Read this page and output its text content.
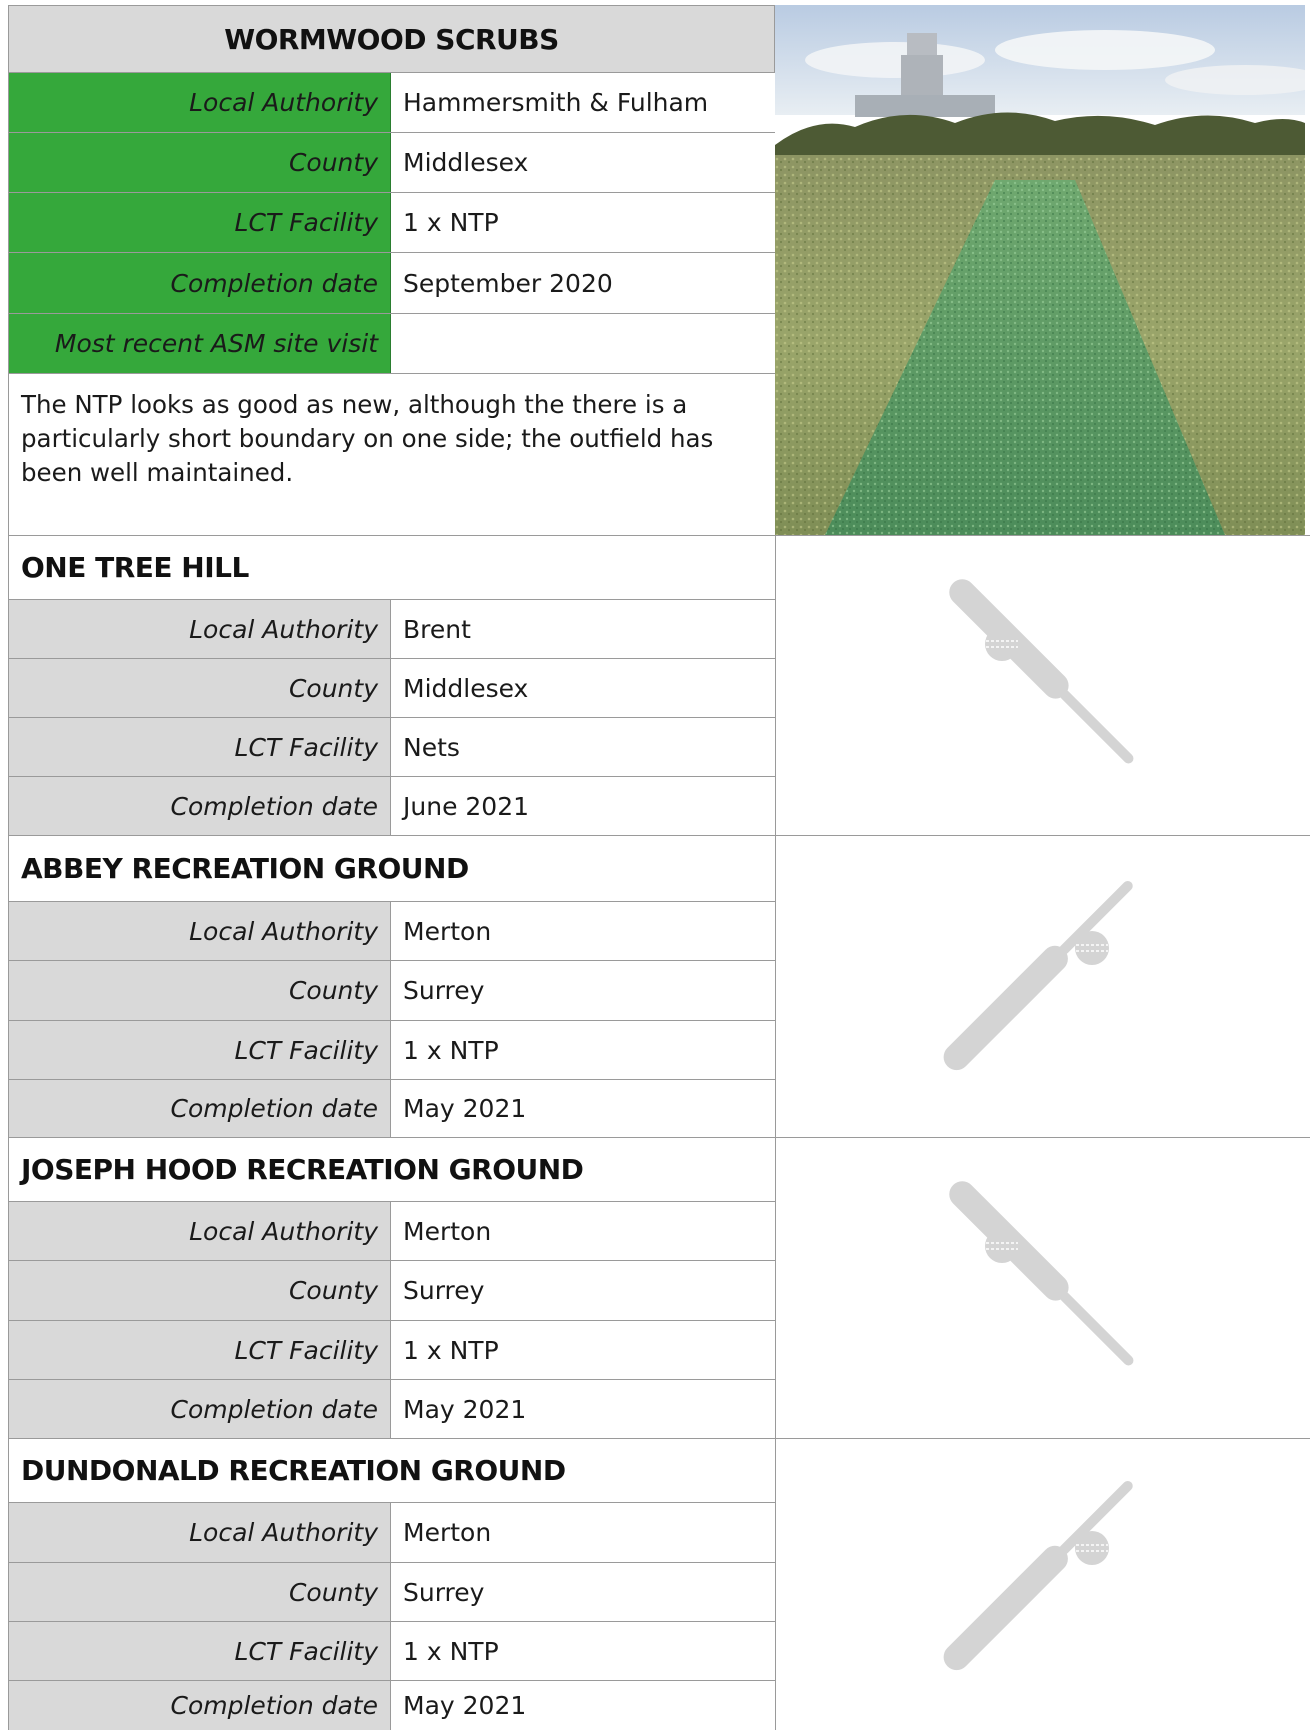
WORMWOOD SCRUBS
Local Authority	Hammersmith & Fulham
County	Middlesex
LCT Facility	1 x NTP
Completion date	September 2020
Most recent ASM site visit
The NTP looks as good as new, although the there is a particularly short boundary on one side; the outfield has been well maintained.
ONE TREE HILL
Local Authority	Brent
County	Middlesex
LCT Facility	Nets
Completion date	June 2021
ABBEY RECREATION GROUND
Local Authority	Merton
County	Surrey
LCT Facility	1 x NTP
Completion date	May 2021
JOSEPH HOOD RECREATION GROUND
Local Authority	Merton
County	Surrey
LCT Facility	1 x NTP
Completion date	May 2021
DUNDONALD RECREATION GROUND
Local Authority	Merton
County	Surrey
LCT Facility	1 x NTP
Completion date	May 2021
